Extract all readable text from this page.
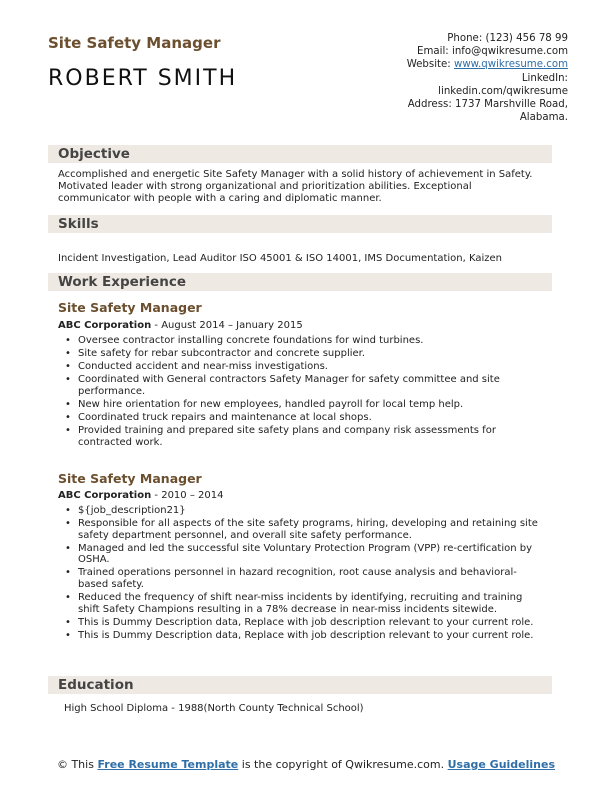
Site Safety Manager
ROBERT SMITH
Phone: (123) 456 78 99
Email: info@qwikresume.com
Website: www.qwikresume.com
LinkedIn:
linkedin.com/qwikresume
Address: 1737 Marshville Road,
Alabama.
Objective
Accomplished and energetic Site Safety Manager with a solid history of achievement in Safety. Motivated leader with strong organizational and prioritization abilities. Exceptional communicator with people with a caring and diplomatic manner.
Skills
Incident Investigation, Lead Auditor ISO 45001 & ISO 14001, IMS Documentation, Kaizen
Work Experience
Site Safety Manager
ABC Corporation - August 2014 – January 2015
• Oversee contractor installing concrete foundations for wind turbines.
• Site safety for rebar subcontractor and concrete supplier.
• Conducted accident and near-miss investigations.
• Coordinated with General contractors Safety Manager for safety committee and site performance.
• New hire orientation for new employees, handled payroll for local temp help.
• Coordinated truck repairs and maintenance at local shops.
• Provided training and prepared site safety plans and company risk assessments for contracted work.
Site Safety Manager
ABC Corporation - 2010 – 2014
• ${job_description21}
• Responsible for all aspects of the site safety programs, hiring, developing and retaining site safety department personnel, and overall site safety performance.
• Managed and led the successful site Voluntary Protection Program (VPP) re-certification by OSHA.
• Trained operations personnel in hazard recognition, root cause analysis and behavioral-based safety.
• Reduced the frequency of shift near-miss incidents by identifying, recruiting and training shift Safety Champions resulting in a 78% decrease in near-miss incidents sitewide.
• This is Dummy Description data, Replace with job description relevant to your current role.
• This is Dummy Description data, Replace with job description relevant to your current role.
Education
High School Diploma - 1988(North County Technical School)
© This Free Resume Template is the copyright of Qwikresume.com. Usage Guidelines
